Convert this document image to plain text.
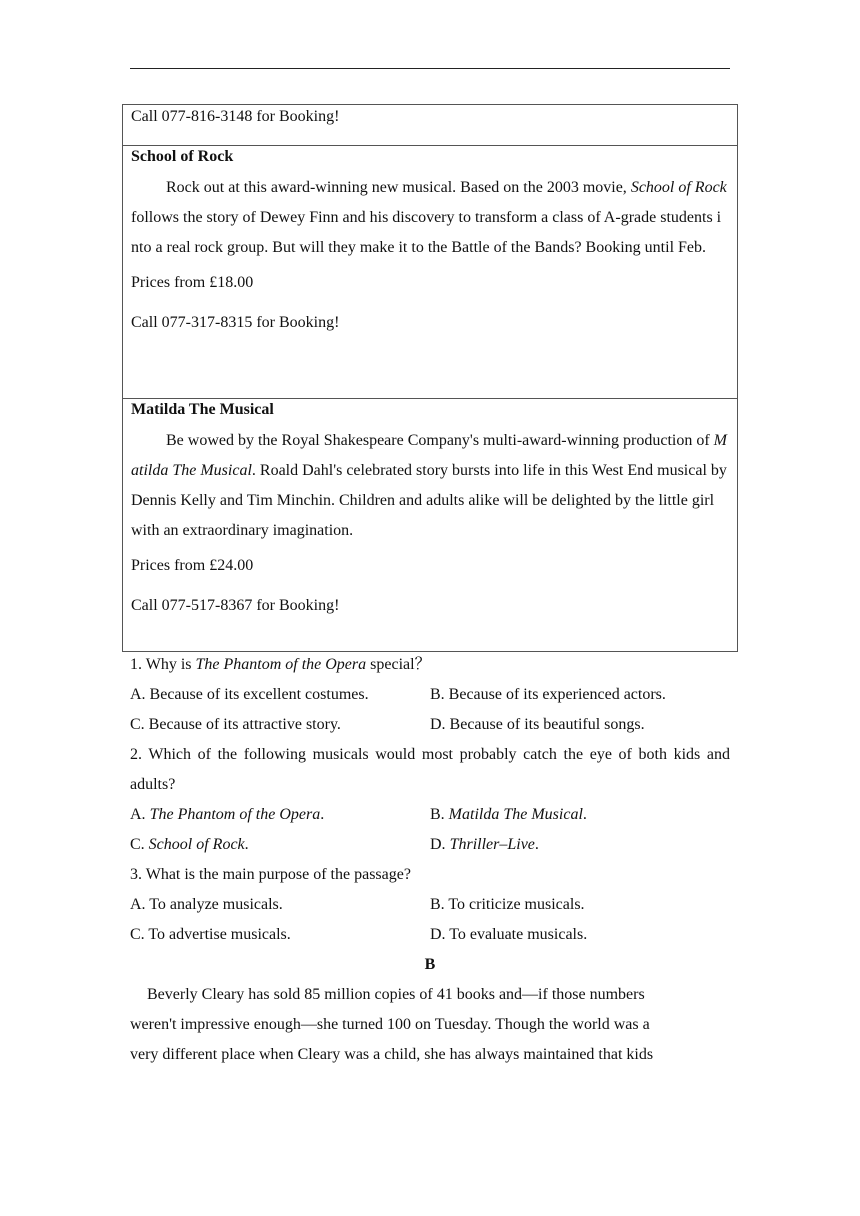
Call 077-816-3148 for Booking!

School of Rock

Rock out at this award-winning new musical. Based on the 2003 movie, School of Rock follows the story of Dewey Finn and his discovery to transform a class of A-grade students into a real rock group. But will they make it to the Battle of the Bands? Booking until Feb.

Prices from £18.00

Call 077-317-8315 for Booking!

Matilda The Musical

Be wowed by the Royal Shakespeare Company's multi-award-winning production of Matilda The Musical. Roald Dahl's celebrated story bursts into life in this West End musical by Dennis Kelly and Tim Minchin. Children and adults alike will be delighted by the little girl with an extraordinary imagination.

Prices from £24.00

Call 077-517-8367 for Booking!

1. Why is The Phantom of the Opera special？

A. Because of its excellent costumes.	B. Because of its experienced actors.
C. Because of its attractive story.	D. Because of its beautiful songs.

2. Which of the following musicals would most probably catch the eye of both kids and adults?

A. The Phantom of the Opera.	B. Matilda The Musical.
C. School of Rock.	D. Thriller–Live.

3. What is the main purpose of the passage?

A. To analyze musicals.	B. To criticize musicals.
C. To advertise musicals.	D. To evaluate musicals.

B

Beverly Cleary has sold 85 million copies of 41 books and—if those numbers

weren't impressive enough—she turned 100 on Tuesday. Though the world was a

very different place when Cleary was a child, she has always maintained that kids
